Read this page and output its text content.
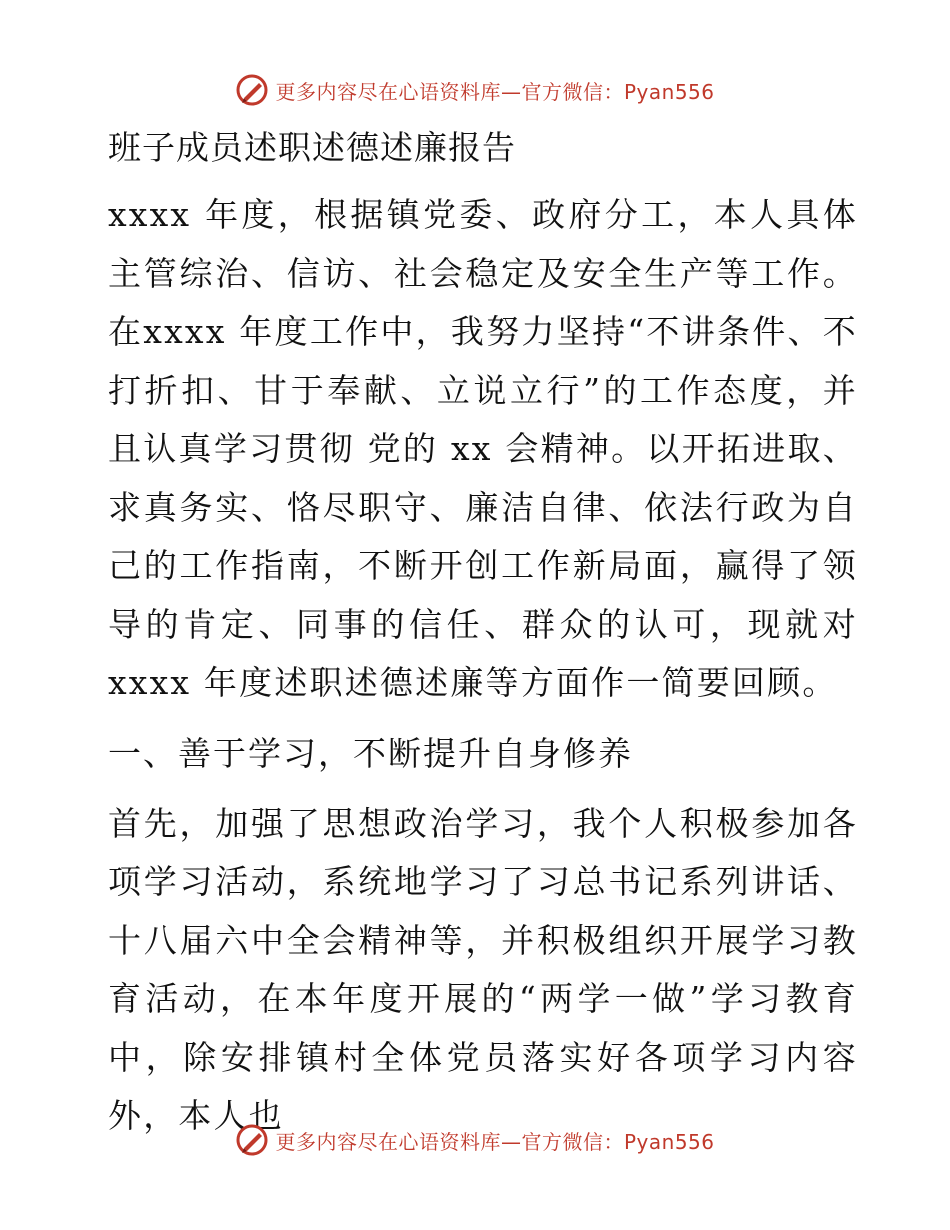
更多内容尽在心语资料库—官方微信：Pyan556
班子成员述职述德述廉报告

xxxx 年度，根据镇党委、政府分工，本人具体主管综治、信访、社会稳定及安全生产等工作。在xxxx 年度工作中，我努力坚持“不讲条件、不打折扣、甘于奉献、立说立行”的工作态度，并且认真学习贯彻 党的 xx 会精神。以开拓进取、求真务实、恪尽职守、廉洁自律、依法行政为自己的工作指南，不断开创工作新局面，赢得了领导的肯定、同事的信任、群众的认可，现就对 xxxx 年度述职述德述廉等方面作一简要回顾。

一、善于学习，不断提升自身修养

首先，加强了思想政治学习，我个人积极参加各项学习活动，系统地学习了习总书记系列讲话、十八届六中全会精神等，并积极组织开展学习教育活动，在本年度开展的“两学一做”学习教育中，除安排镇村全体党员落实好各项学习内容外，本人也

更多内容尽在心语资料库—官方微信：Pyan556
